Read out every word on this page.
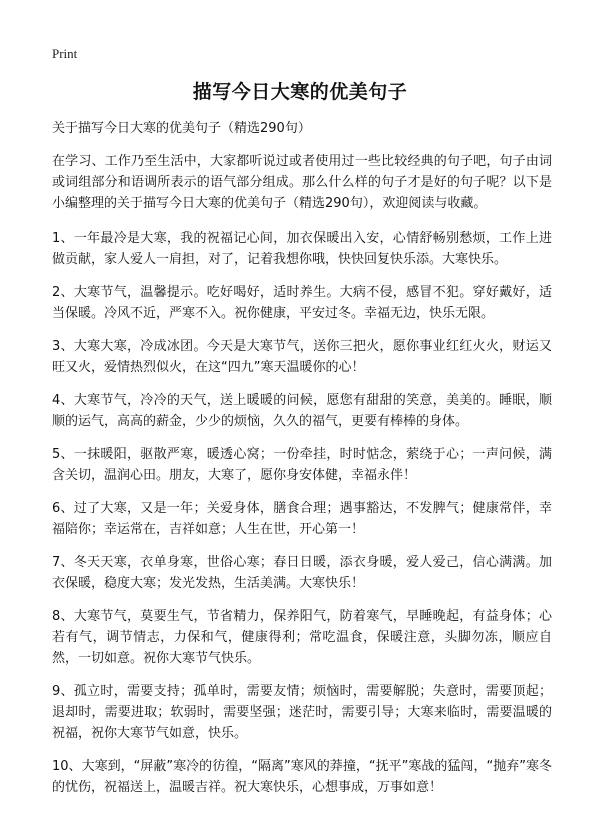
Print
描写今日大寒的优美句子

关于描写今日大寒的优美句子（精选290句）

在学习、工作乃至生活中，大家都听说过或者使用过一些比较经典的句子吧，句子由词或词组部分和语调所表示的语气部分组成。那么什么样的句子才是好的句子呢？以下是小编整理的关于描写今日大寒的优美句子（精选290句），欢迎阅读与收藏。

1、一年最冷是大寒，我的祝福记心间，加衣保暖出入安，心情舒畅别愁烦，工作上进做贡献，家人爱人一肩担，对了，记着我想你哦，快快回复快乐添。大寒快乐。

2、大寒节气，温馨提示。吃好喝好，适时养生。大病不侵，感冒不犯。穿好戴好，适当保暖。冷风不近，严寒不入。祝你健康，平安过冬。幸福无边，快乐无限。

3、大寒大寒，冷成冰团。今天是大寒节气，送你三把火，愿你事业红红火火，财运又旺又火，爱情热烈似火，在这“四九”寒天温暖你的心！

4、大寒节气，冷冷的天气，送上暖暖的问候，愿您有甜甜的笑意，美美的。睡眠，顺顺的运气，高高的薪金，少少的烦恼，久久的福气，更要有棒棒的身体。

5、一抹暖阳，驱散严寒，暖透心窝；一份牵挂，时时惦念，萦绕于心；一声问候，满含关切，温润心田。朋友，大寒了，愿你身安体健，幸福永伴！

6、过了大寒，又是一年；关爱身体，膳食合理；遇事豁达，不发脾气；健康常伴，幸福陪你；幸运常在，吉祥如意；人生在世，开心第一！

7、冬天天寒，衣单身寒，世俗心寒；春日日暖，添衣身暖，爱人爱己，信心满满。加衣保暖，稳度大寒；发光发热，生活美满。大寒快乐！

8、大寒节气，莫要生气，节省精力，保养阳气，防着寒气，早睡晚起，有益身体；心若有气，调节情志，力保和气，健康得利；常吃温食，保暖注意，头脚勿冻，顺应自然，一切如意。祝你大寒节气快乐。

9、孤立时，需要支持；孤单时，需要友情；烦恼时，需要解脱；失意时，需要顶起；退却时，需要进取；软弱时，需要坚强；迷茫时，需要引导；大寒来临时，需要温暖的祝福，祝你大寒节气如意，快乐。

10、大寒到，“屏蔽”寒冷的彷徨，“隔离”寒风的莽撞，“抚平”寒战的猛闯，“抛弃”寒冬的忧伤，祝福送上，温暖吉祥。祝大寒快乐，心想事成，万事如意！
